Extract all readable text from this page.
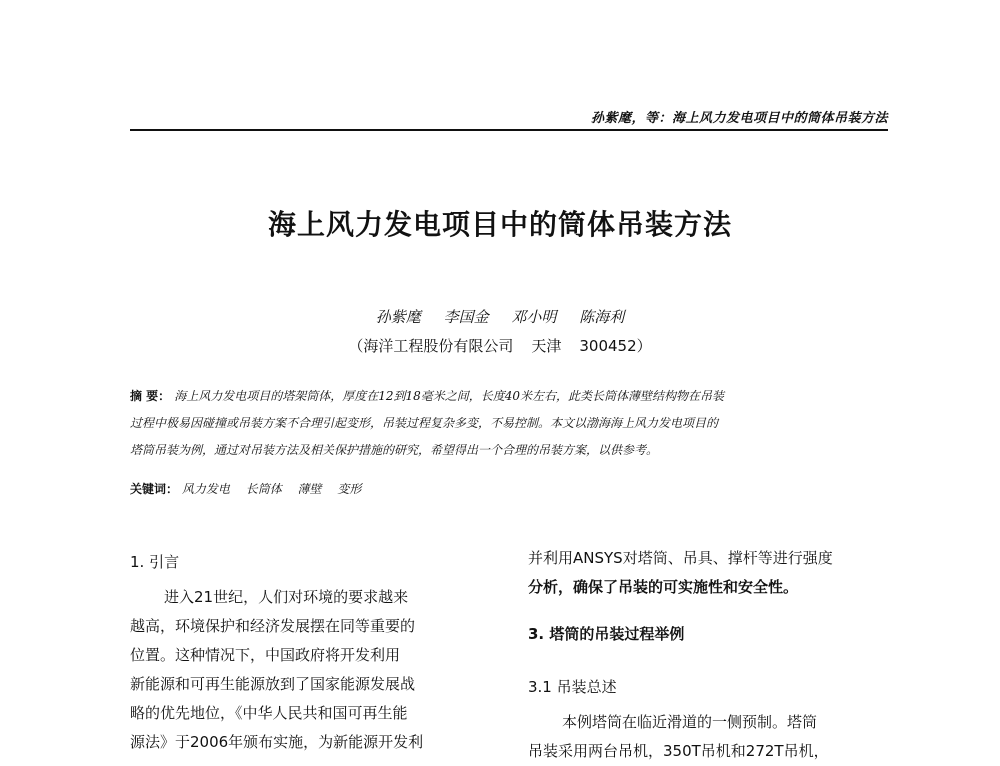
孙紫麾，等：海上风力发电项目中的筒体吊装方法
海上风力发电项目中的筒体吊装方法
孙紫麾 李国金 邓小明 陈海利
（海洋工程股份有限公司 天津 300452）
摘 要： 海上风力发电项目的塔架筒体，厚度在12到18毫米之间，长度40米左右，此类长筒体薄壁结构物在吊装
过程中极易因碰撞或吊装方案不合理引起变形，吊装过程复杂多变，不易控制。本文以渤海海上风力发电项目的
塔筒吊装为例，通过对吊装方法及相关保护措施的研究，希望得出一个合理的吊装方案，以供参考。
关键词： 风力发电 长筒体 薄壁 变形
1. 引言
进入21世纪，人们对环境的要求越来
越高，环境保护和经济发展摆在同等重要的
位置。这种情况下，中国政府将开发利用
新能源和可再生能源放到了国家能源发展战
略的优先地位，《中华人民共和国可再生能
源法》于2006年颁布实施，为新能源开发利
并利用ANSYS对塔筒、吊具、撑杆等进行强度
分析，确保了吊装的可实施性和安全性。
3. 塔筒的吊装过程举例
3.1 吊装总述
本例塔筒在临近滑道的一侧预制。塔筒
吊装采用两台吊机，350T吊机和272T吊机，
